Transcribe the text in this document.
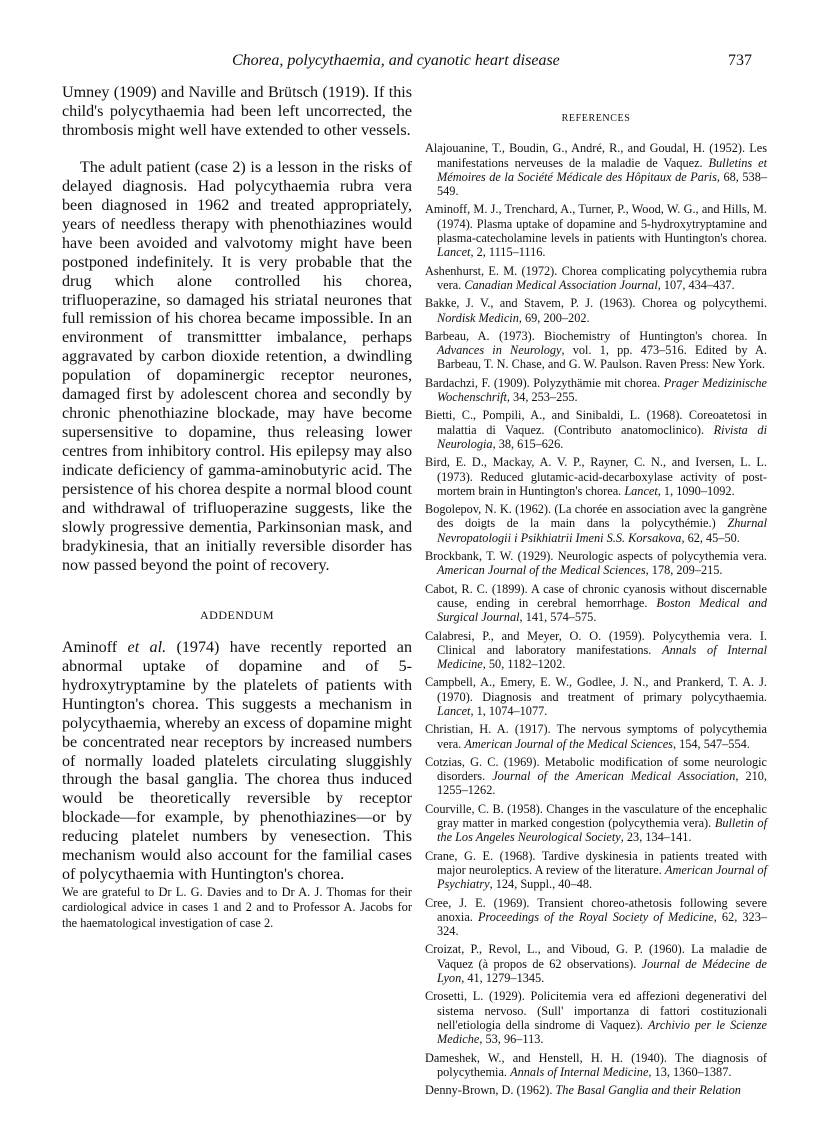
Chorea, polycythaemia, and cyanotic heart disease	737

Umney (1909) and Naville and Brütsch (1919). If this child's polycythaemia had been left uncorrected, the thrombosis might well have extended to other vessels.

The adult patient (case 2) is a lesson in the risks of delayed diagnosis. Had polycythaemia rubra vera been diagnosed in 1962 and treated appropriately, years of needless therapy with phenothiazines would have been avoided and valvotomy might have been postponed indefinitely. It is very probable that the drug which alone controlled his chorea, trifluoperazine, so damaged his striatal neurones that full remission of his chorea became impossible. In an environment of transmittter imbalance, perhaps aggravated by carbon dioxide retention, a dwindling population of dopaminergic receptor neurones, damaged first by adolescent chorea and secondly by chronic phenothiazine blockade, may have become supersensitive to dopamine, thus releasing lower centres from inhibitory control. His epilepsy may also indicate deficiency of gamma-aminobutyric acid. The persistence of his chorea despite a normal blood count and withdrawal of trifluoperazine suggests, like the slowly progressive dementia, Parkinsonian mask, and bradykinesia, that an initially reversible disorder has now passed beyond the point of recovery.

ADDENDUM

Aminoff et al. (1974) have recently reported an abnormal uptake of dopamine and of 5-hydroxytryptamine by the platelets of patients with Huntington's chorea. This suggests a mechanism in polycythaemia, whereby an excess of dopamine might be concentrated near receptors by increased numbers of normally loaded platelets circulating sluggishly through the basal ganglia. The chorea thus induced would be theoretically reversible by receptor blockade—for example, by phenothiazines—or by reducing platelet numbers by venesection. This mechanism would also account for the familial cases of polycythaemia with Huntington's chorea.

We are grateful to Dr L. G. Davies and to Dr A. J. Thomas for their cardiological advice in cases 1 and 2 and to Professor A. Jacobs for the haematological investigation of case 2.

REFERENCES

Alajouanine, T., Boudin, G., André, R., and Goudal, H. (1952). Les manifestations nerveuses de la maladie de Vaquez. Bulletins et Mémoires de la Société Médicale des Hôpitaux de Paris, 68, 538–549.

Aminoff, M. J., Trenchard, A., Turner, P., Wood, W. G., and Hills, M. (1974). Plasma uptake of dopamine and 5-hydroxytryptamine and plasma-catecholamine levels in patients with Huntington's chorea. Lancet, 2, 1115–1116.

Ashenhurst, E. M. (1972). Chorea complicating polycythemia rubra vera. Canadian Medical Association Journal, 107, 434–437.

Bakke, J. V., and Stavem, P. J. (1963). Chorea og polycythemi. Nordisk Medicin, 69, 200–202.

Barbeau, A. (1973). Biochemistry of Huntington's chorea. In Advances in Neurology, vol. 1, pp. 473–516. Edited by A. Barbeau, T. N. Chase, and G. W. Paulson. Raven Press: New York.

Bardachzi, F. (1909). Polyzythämie mit chorea. Prager Medizinische Wochenschrift, 34, 253–255.

Bietti, C., Pompili, A., and Sinibaldi, L. (1968). Coreoatetosi in malattia di Vaquez. (Contributo anatomoclinico). Rivista di Neurologia, 38, 615–626.

Bird, E. D., Mackay, A. V. P., Rayner, C. N., and Iversen, L. L. (1973). Reduced glutamic-acid-decarboxylase activity of post-mortem brain in Huntington's chorea. Lancet, 1, 1090–1092.

Bogolepov, N. K. (1962). (La chorée en association avec la gangrène des doigts de la main dans la polycythémie.) Zhurnal Nevropatologii i Psikhiatrii Imeni S.S. Korsakova, 62, 45–50.

Brockbank, T. W. (1929). Neurologic aspects of polycythemia vera. American Journal of the Medical Sciences, 178, 209–215.

Cabot, R. C. (1899). A case of chronic cyanosis without discernable cause, ending in cerebral hemorrhage. Boston Medical and Surgical Journal, 141, 574–575.

Calabresi, P., and Meyer, O. O. (1959). Polycythemia vera. I. Clinical and laboratory manifestations. Annals of Internal Medicine, 50, 1182–1202.

Campbell, A., Emery, E. W., Godlee, J. N., and Prankerd, T. A. J. (1970). Diagnosis and treatment of primary polycythaemia. Lancet, 1, 1074–1077.

Christian, H. A. (1917). The nervous symptoms of polycythemia vera. American Journal of the Medical Sciences, 154, 547–554.

Cotzias, G. C. (1969). Metabolic modification of some neurologic disorders. Journal of the American Medical Association, 210, 1255–1262.

Courville, C. B. (1958). Changes in the vasculature of the encephalic gray matter in marked congestion (polycythemia vera). Bulletin of the Los Angeles Neurological Society, 23, 134–141.

Crane, G. E. (1968). Tardive dyskinesia in patients treated with major neuroleptics. A review of the literature. American Journal of Psychiatry, 124, Suppl., 40–48.

Cree, J. E. (1969). Transient choreo-athetosis following severe anoxia. Proceedings of the Royal Society of Medicine, 62, 323–324.

Croizat, P., Revol, L., and Viboud, G. P. (1960). La maladie de Vaquez (à propos de 62 observations). Journal de Médecine de Lyon, 41, 1279–1345.

Crosetti, L. (1929). Policitemia vera ed affezioni degenerativi del sistema nervoso. (Sull' importanza di fattori costituzionali nell'etiologia della sindrome di Vaquez). Archivio per le Scienze Mediche, 53, 96–113.

Dameshek, W., and Henstell, H. H. (1940). The diagnosis of polycythemia. Annals of Internal Medicine, 13, 1360–1387.

Denny-Brown, D. (1962). The Basal Ganglia and their Relation
